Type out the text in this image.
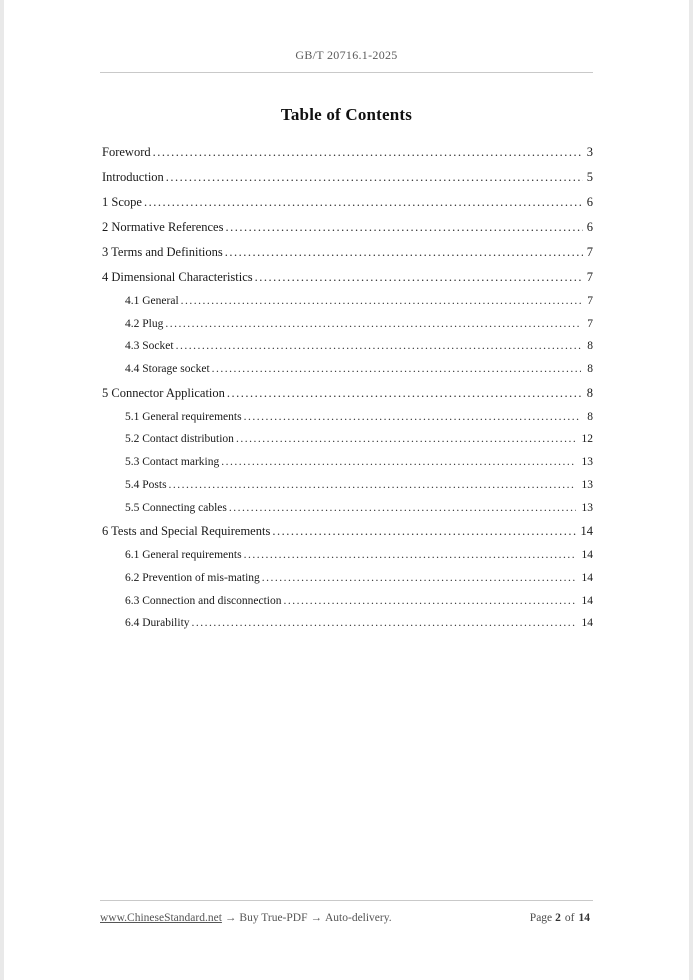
GB/T 20716.1-2025
Table of Contents
Foreword .....	3
Introduction .....	5
1 Scope .....	6
2 Normative References .....	6
3 Terms and Definitions .....	7
4 Dimensional Characteristics .....	7
4.1 General .....	7
4.2 Plug .....	7
4.3 Socket .....	8
4.4 Storage socket .....	8
5 Connector Application .....	8
5.1 General requirements .....	8
5.2 Contact distribution .....	12
5.3 Contact marking .....	13
5.4 Posts .....	13
5.5 Connecting cables .....	13
6 Tests and Special Requirements .....	14
6.1 General requirements .....	14
6.2 Prevention of mis-mating .....	14
6.3 Connection and disconnection .....	14
6.4 Durability .....	14
www.ChineseStandard.net → Buy True-PDF → Auto-delivery.	Page 2 of 14
